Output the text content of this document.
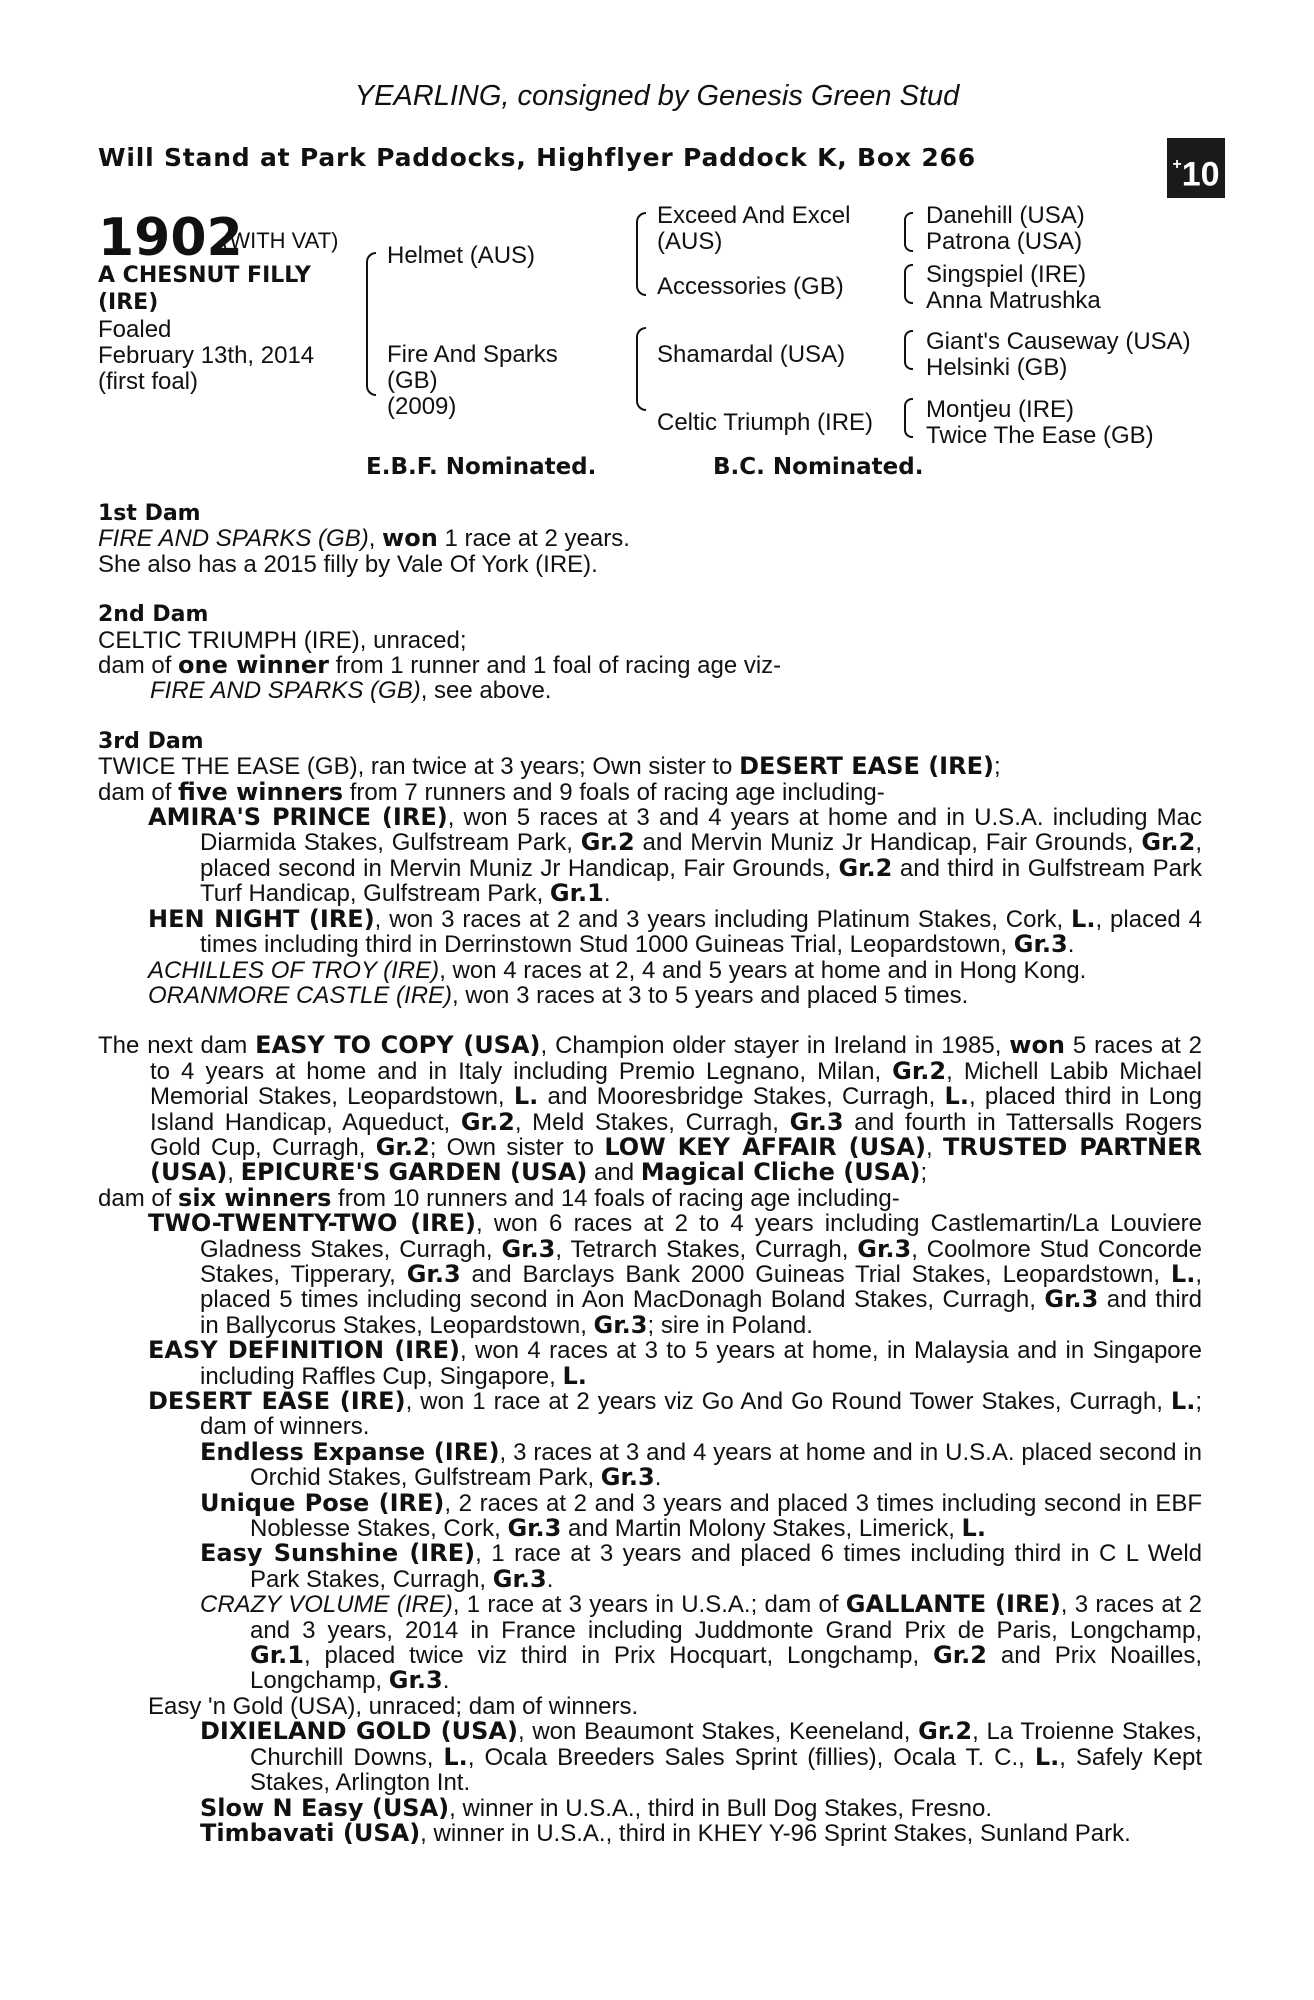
YEARLING, consigned by Genesis Green Stud
Will Stand at Park Paddocks, Highflyer Paddock K, Box 266	+10
1902
(WITH VAT)
A CHESNUT FILLY
(IRE)
Foaled
February 13th, 2014
(first foal)
Helmet (AUS)
Fire And Sparks
(GB)
(2009)
Exceed And Excel
(AUS)
Accessories (GB)
Shamardal (USA)
Celtic Triumph (IRE)
Danehill (USA)
Patrona (USA)
Singspiel (IRE)
Anna Matrushka
Giant's Causeway (USA)
Helsinki (GB)
Montjeu (IRE)
Twice The Ease (GB)
E.B.F. Nominated.	B.C. Nominated.
1st Dam

FIRE AND SPARKS (GB), won 1 race at 2 years.

She also has a 2015 filly by Vale Of York (IRE).

2nd Dam

CELTIC TRIUMPH (IRE), unraced;

dam of one winner from 1 runner and 1 foal of racing age viz-

FIRE AND SPARKS (GB), see above.

3rd Dam

TWICE THE EASE (GB), ran twice at 3 years; Own sister to DESERT EASE (IRE);

dam of five winners from 7 runners and 9 foals of racing age including-

AMIRA'S PRINCE (IRE), won 5 races at 3 and 4 years at home and in U.S.A. including Mac Diarmida Stakes, Gulfstream Park, Gr.2 and Mervin Muniz Jr Handicap, Fair Grounds, Gr.2, placed second in Mervin Muniz Jr Handicap, Fair Grounds, Gr.2 and third in Gulfstream Park Turf Handicap, Gulfstream Park, Gr.1.

HEN NIGHT (IRE), won 3 races at 2 and 3 years including Platinum Stakes, Cork, L., placed 4 times including third in Derrinstown Stud 1000 Guineas Trial, Leopardstown, Gr.3.

ACHILLES OF TROY (IRE), won 4 races at 2, 4 and 5 years at home and in Hong Kong.

ORANMORE CASTLE (IRE), won 3 races at 3 to 5 years and placed 5 times.

The next dam EASY TO COPY (USA), Champion older stayer in Ireland in 1985, won 5 races at 2 to 4 years at home and in Italy including Premio Legnano, Milan, Gr.2, Michell Labib Michael Memorial Stakes, Leopardstown, L. and Mooresbridge Stakes, Curragh, L., placed third in Long Island Handicap, Aqueduct, Gr.2, Meld Stakes, Curragh, Gr.3 and fourth in Tattersalls Rogers Gold Cup, Curragh, Gr.2; Own sister to LOW KEY AFFAIR (USA), TRUSTED PARTNER (USA), EPICURE'S GARDEN (USA) and Magical Cliche (USA);

dam of six winners from 10 runners and 14 foals of racing age including-

TWO-TWENTY-TWO (IRE), won 6 races at 2 to 4 years including Castlemartin/La Louviere Gladness Stakes, Curragh, Gr.3, Tetrarch Stakes, Curragh, Gr.3, Coolmore Stud Concorde Stakes, Tipperary, Gr.3 and Barclays Bank 2000 Guineas Trial Stakes, Leopardstown, L., placed 5 times including second in Aon MacDonagh Boland Stakes, Curragh, Gr.3 and third in Ballycorus Stakes, Leopardstown, Gr.3; sire in Poland.

EASY DEFINITION (IRE), won 4 races at 3 to 5 years at home, in Malaysia and in Singapore including Raffles Cup, Singapore, L.

DESERT EASE (IRE), won 1 race at 2 years viz Go And Go Round Tower Stakes, Curragh, L.; dam of winners.

Endless Expanse (IRE), 3 races at 3 and 4 years at home and in U.S.A. placed second in Orchid Stakes, Gulfstream Park, Gr.3.

Unique Pose (IRE), 2 races at 2 and 3 years and placed 3 times including second in EBF Noblesse Stakes, Cork, Gr.3 and Martin Molony Stakes, Limerick, L.

Easy Sunshine (IRE), 1 race at 3 years and placed 6 times including third in C L Weld Park Stakes, Curragh, Gr.3.

CRAZY VOLUME (IRE), 1 race at 3 years in U.S.A.; dam of GALLANTE (IRE), 3 races at 2 and 3 years, 2014 in France including Juddmonte Grand Prix de Paris, Longchamp, Gr.1, placed twice viz third in Prix Hocquart, Longchamp, Gr.2 and Prix Noailles, Longchamp, Gr.3.

Easy 'n Gold (USA), unraced; dam of winners.

DIXIELAND GOLD (USA), won Beaumont Stakes, Keeneland, Gr.2, La Troienne Stakes, Churchill Downs, L., Ocala Breeders Sales Sprint (fillies), Ocala T. C., L., Safely Kept Stakes, Arlington Int.

Slow N Easy (USA), winner in U.S.A., third in Bull Dog Stakes, Fresno.

Timbavati (USA), winner in U.S.A., third in KHEY Y-96 Sprint Stakes, Sunland Park.
